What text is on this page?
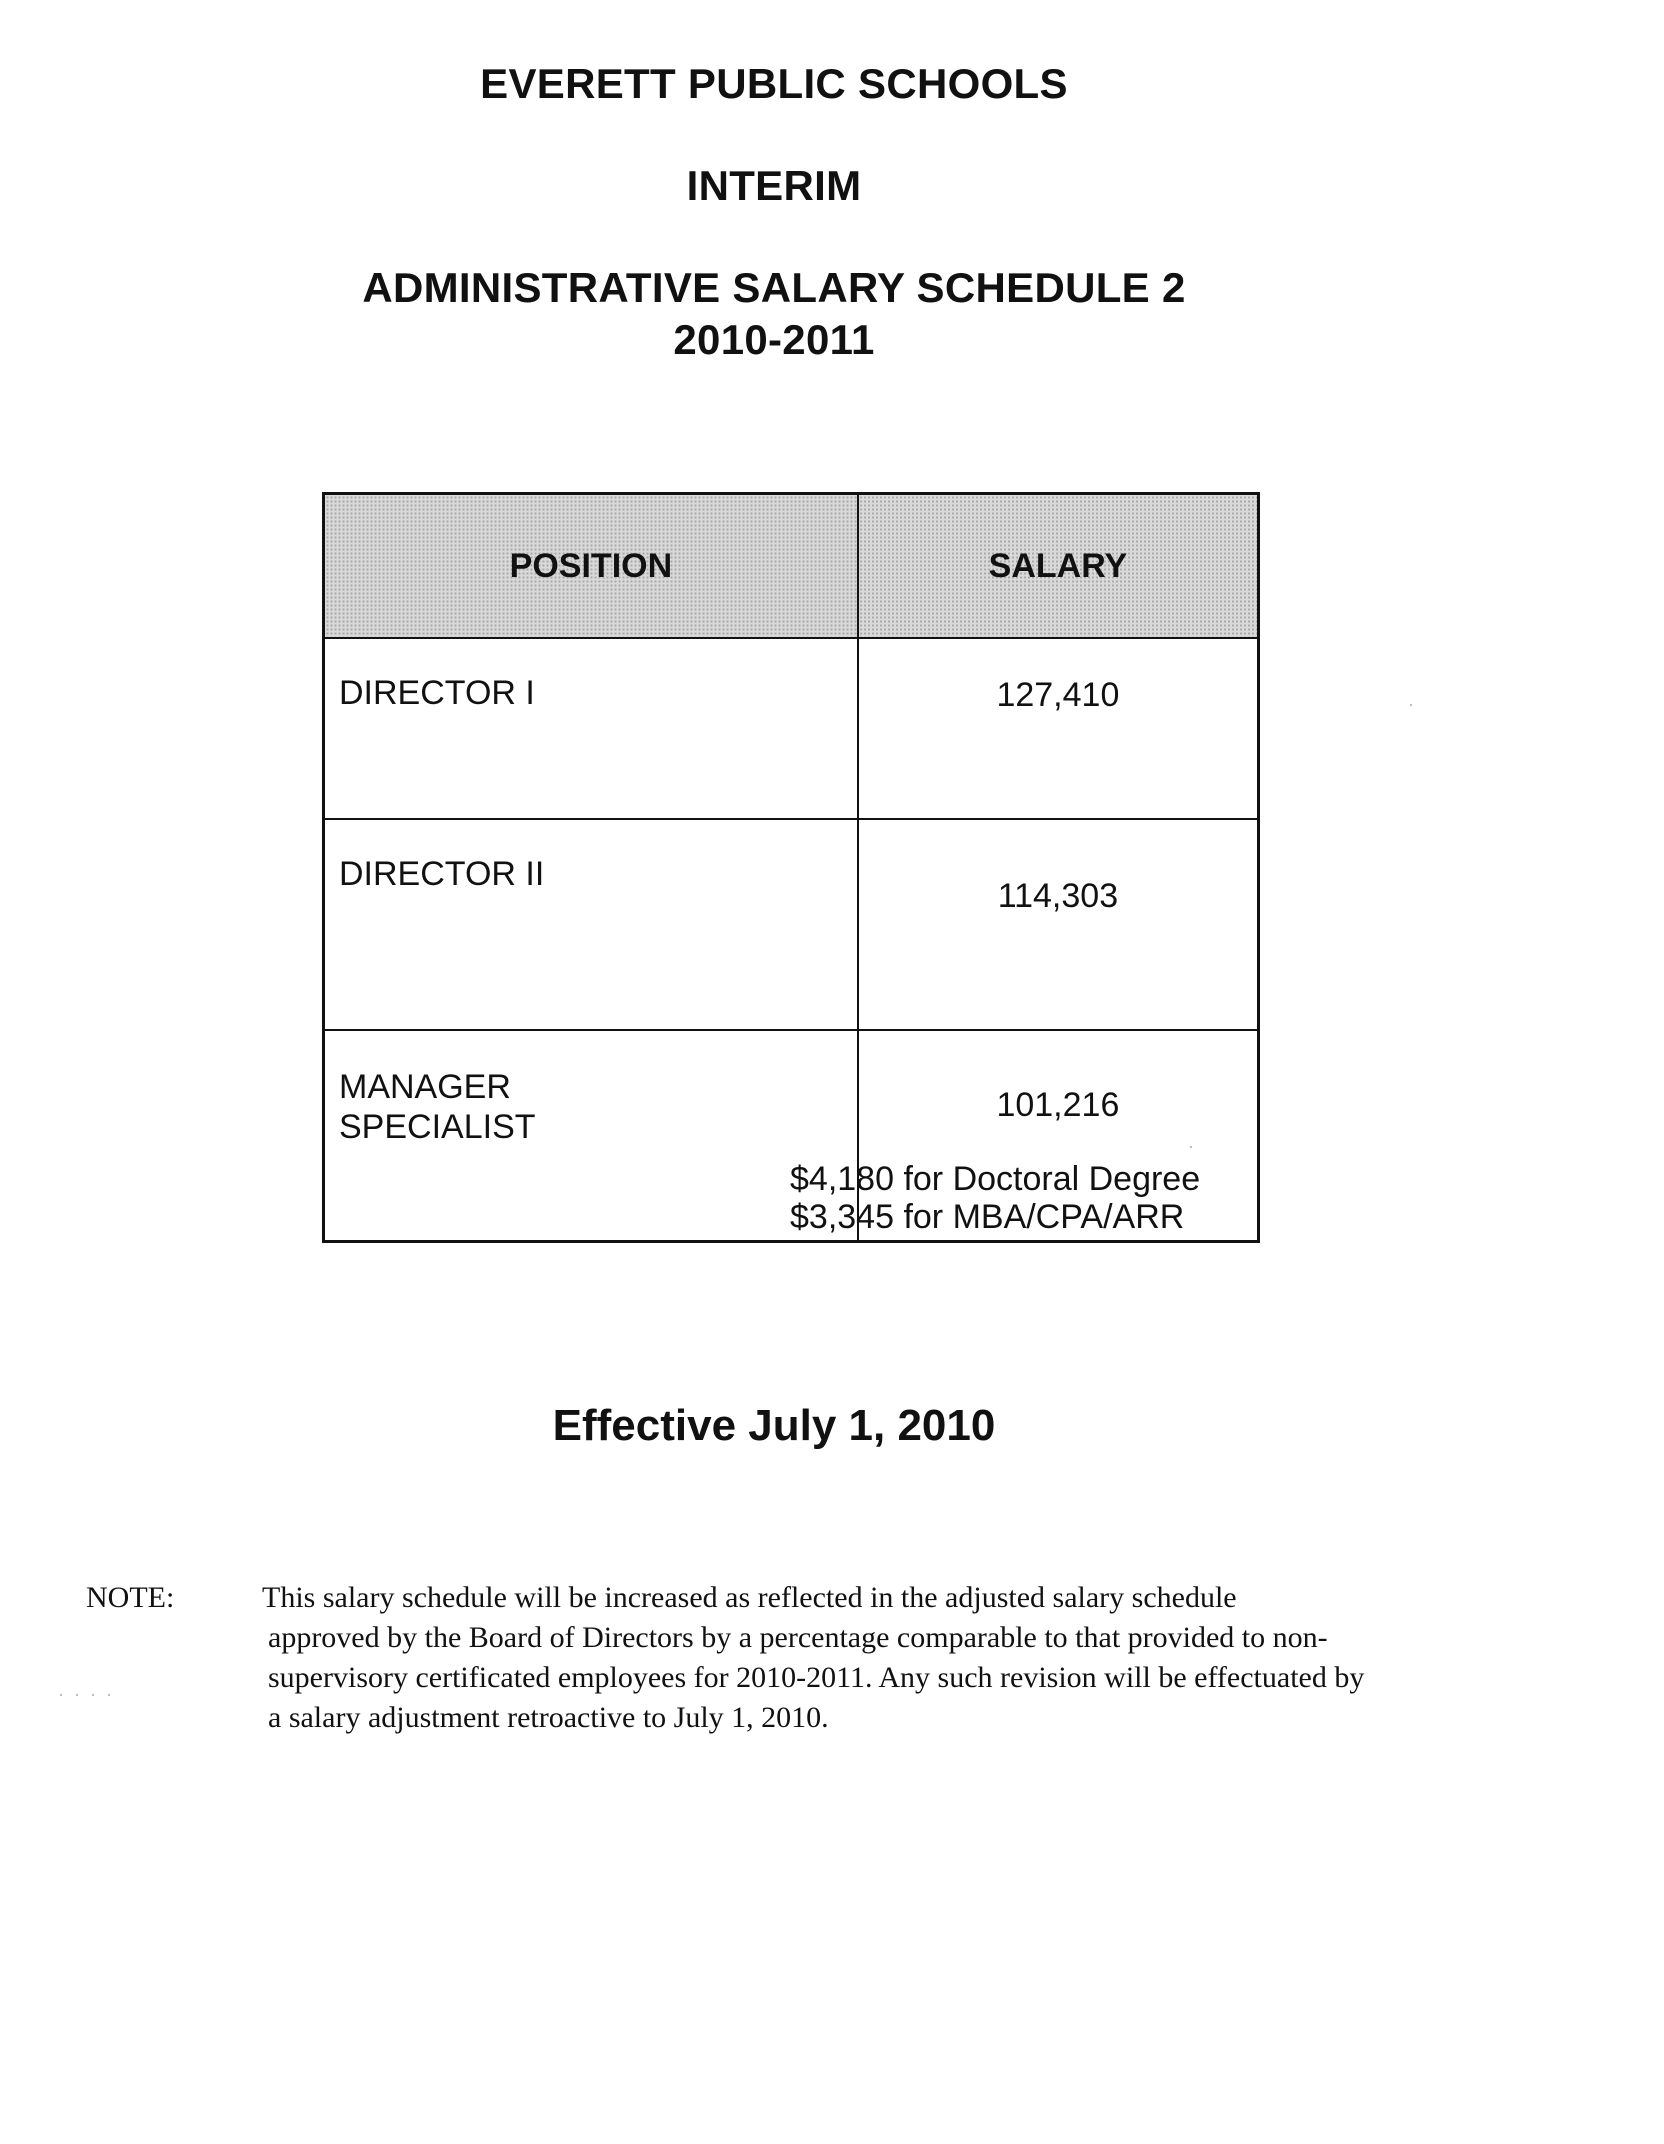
EVERETT PUBLIC SCHOOLS
INTERIM
ADMINISTRATIVE SALARY SCHEDULE 2
2010-2011
POSITION	SALARY

DIRECTOR I	127,410

DIRECTOR II	114,303

MANAGER
SPECIALIST	101,216
$4,180 for Doctoral Degree
$3,345 for MBA/CPA/ARR
Effective July 1, 2010
NOTE:	This salary schedule will be increased as reflected in the adjusted salary schedule
approved by the Board of Directors by a percentage comparable to that provided to non-
supervisory certificated employees for 2010-2011. Any such revision will be effectuated by
a salary adjustment retroactive to July 1, 2010.
